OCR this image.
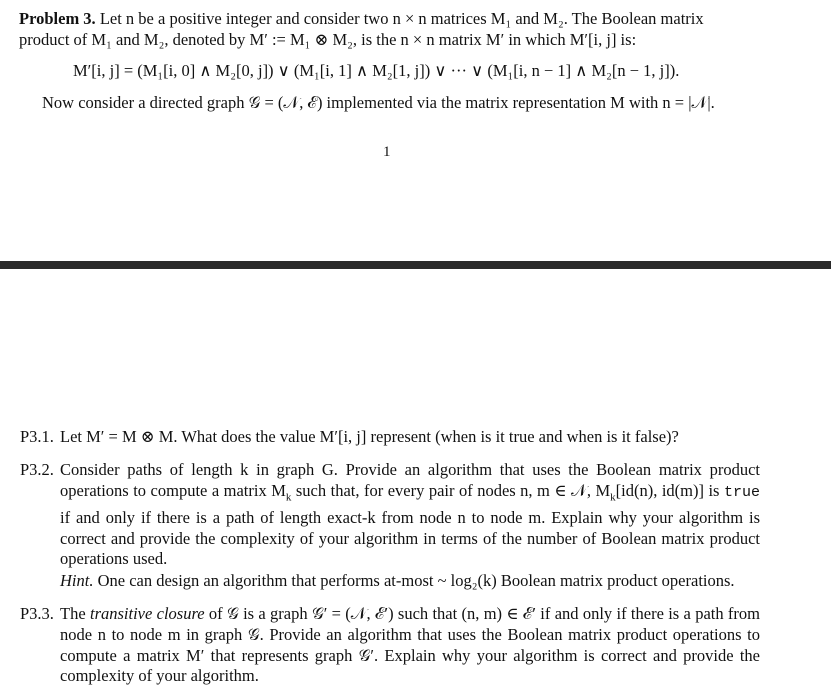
Problem 3. Let n be a positive integer and consider two n × n matrices M₁ and M₂. The Boolean matrix
product of M₁ and M₂, denoted by M′ := M₁ ⊗ M₂, is the n × n matrix M′ in which M′[i, j] is:
M′[i, j] = (M₁[i, 0] ∧ M₂[0, j]) ∨ (M₁[i, 1] ∧ M₂[1, j]) ∨ ··· ∨ (M₁[i, n − 1] ∧ M₂[n − 1, j]).
Now consider a directed graph 𝒢 = (𝒩, ℰ) implemented via the matrix representation M with n = |𝒩|.
1
P3.1. Let M′ = M ⊗ M. What does the value M′[i, j] represent (when is it true and when is it false)?
P3.2. Consider paths of length k in graph G. Provide an algorithm that uses the Boolean matrix product operations to compute a matrix $M_k$ such that, for every pair of nodes n, m ∈ 𝒩, $M_k[id(n)$, id(m)] is true if and only if there is a path of length exact-k from node n to node m. Explain why your algorithm is correct and provide the complexity of your algorithm in terms of the number of Boolean matrix product operations used.
Hint. One can design an algorithm that performs at-most ~ log₂(k) Boolean matrix product operations.
P3.3. The transitive closure of 𝒢 is a graph 𝒢′ = (𝒩, ℰ′) such that (n, m) ∈ ℰ′ if and only if there is a path from node n to node m in graph 𝒢. Provide an algorithm that uses the Boolean matrix product operations to compute a matrix M′ that represents graph 𝒢′. Explain why your algorithm is correct and provide the complexity of your algorithm.
